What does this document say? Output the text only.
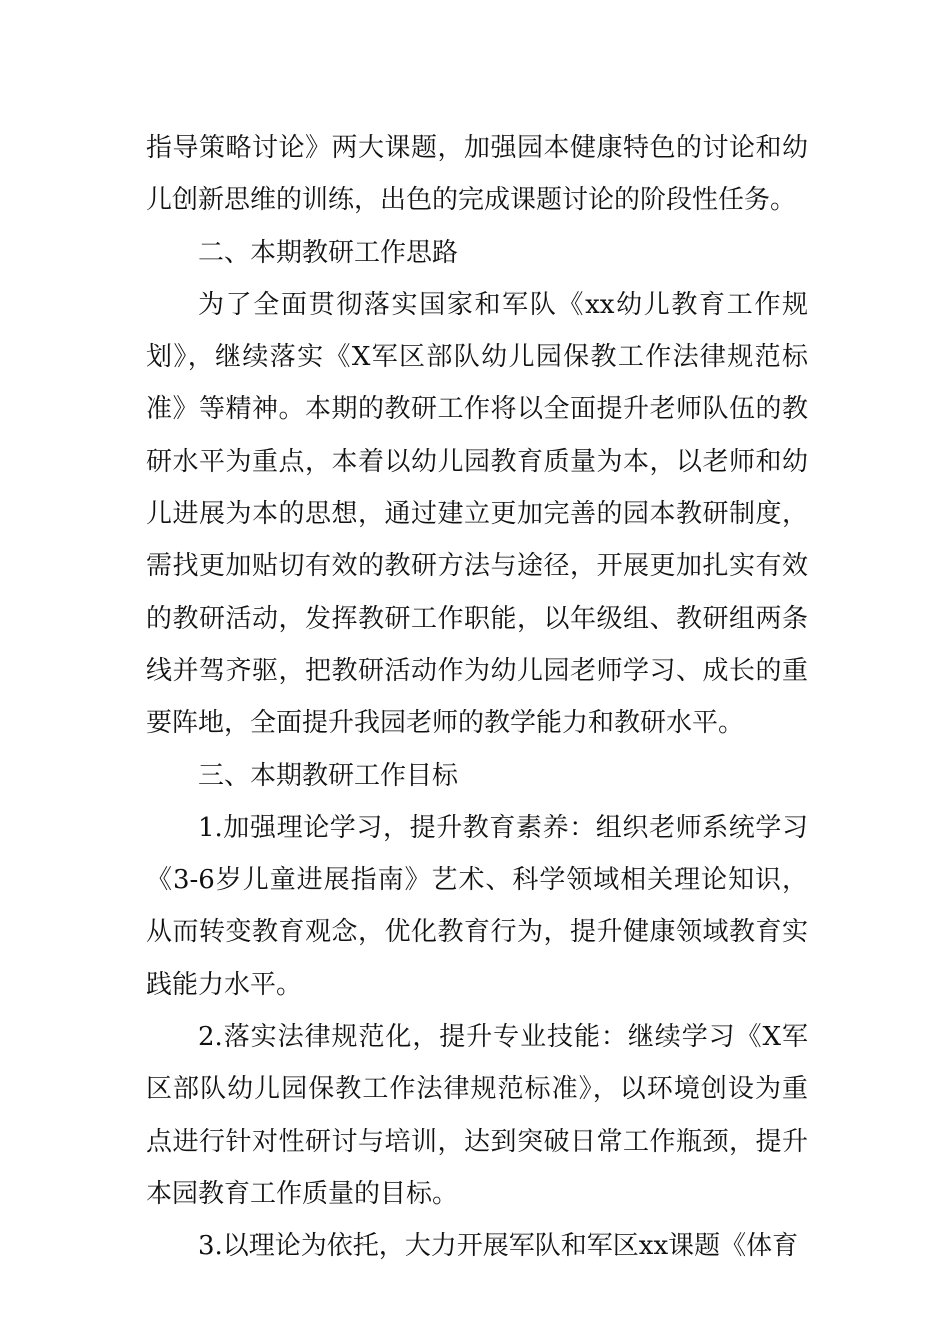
指导策略讨论》两大课题，加强园本健康特色的讨论和幼儿创新思维的训练，出色的完成课题讨论的阶段性任务。

二、本期教研工作思路

为了全面贯彻落实国家和军队《xx幼儿教育工作规划》，继续落实《X军区部队幼儿园保教工作法律规范标准》等精神。本期的教研工作将以全面提升老师队伍的教研水平为重点，本着以幼儿园教育质量为本，以老师和幼儿进展为本的思想，通过建立更加完善的园本教研制度，需找更加贴切有效的教研方法与途径，开展更加扎实有效的教研活动，发挥教研工作职能，以年级组、教研组两条线并驾齐驱，把教研活动作为幼儿园老师学习、成长的重要阵地，全面提升我园老师的教学能力和教研水平。

三、本期教研工作目标

1.加强理论学习，提升教育素养：组织老师系统学习《3-6岁儿童进展指南》艺术、科学领域相关理论知识，从而转变教育观念，优化教育行为，提升健康领域教育实践能力水平。

2.落实法律规范化，提升专业技能：继续学习《X军区部队幼儿园保教工作法律规范标准》，以环境创设为重点进行针对性研讨与培训，达到突破日常工作瓶颈，提升本园教育工作质量的目标。

3.以理论为依托，大力开展军队和军区xx课题《体育
